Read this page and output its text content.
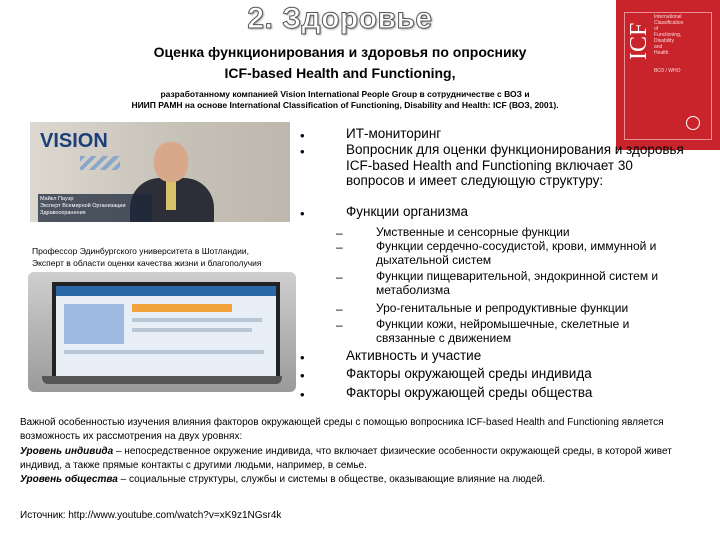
2. Здоровье
Оценка функционирования и здоровья по опроснику
ICF-based Health and Functioning,
разработанному компанией Vision International People Group в сотрудничестве с ВОЗ и
НИИП РАМН на основе International Classification of Functioning, Disability and Health: ICF (ВОЗ, 2001).
ICF
International
Classification
of
Functioning,
Disability
and
Health
ВОЗ / WHO
VISION
Майкл Пауэр
Эксперт Всемирной Организации Здравоохранения
Профессор Эдинбургского университета в Шотландии,
Эксперт в области оценки качества жизни и благополучия
•	ИТ-мониторинг
•	Вопросник для оценки функционирования и здоровья ICF-based Health and Functioning включает 30 вопросов и имеет следующую структуру:
•	Функции организма
–	Умственные и сенсорные функции
–	Функции сердечно-сосудистой, крови, иммунной и дыхательной систем
–	Функции пищеварительной, эндокринной систем и метаболизма
–	Уро-генитальные и репродуктивные функции
–	Функции кожи, нейромышечные, скелетные и связанные с движением
•	Активность и участие
•	Факторы окружающей среды индивида
•	Факторы окружающей среды общества
Важной особенностью изучения влияния факторов окружающей среды с помощью вопросника ICF-based Health and Functioning является возможность их рассмотрения на двух уровнях:
Уровень индивида – непосредственное окружение индивида, что включает физические особенности окружающей среды, в которой живет индивид, а также прямые контакты с другими людьми, например, в семье.
Уровень общества – социальные структуры, службы и системы в обществе, оказывающие влияние на людей.
Источник: http://www.youtube.com/watch?v=xK9z1NGsr4k
